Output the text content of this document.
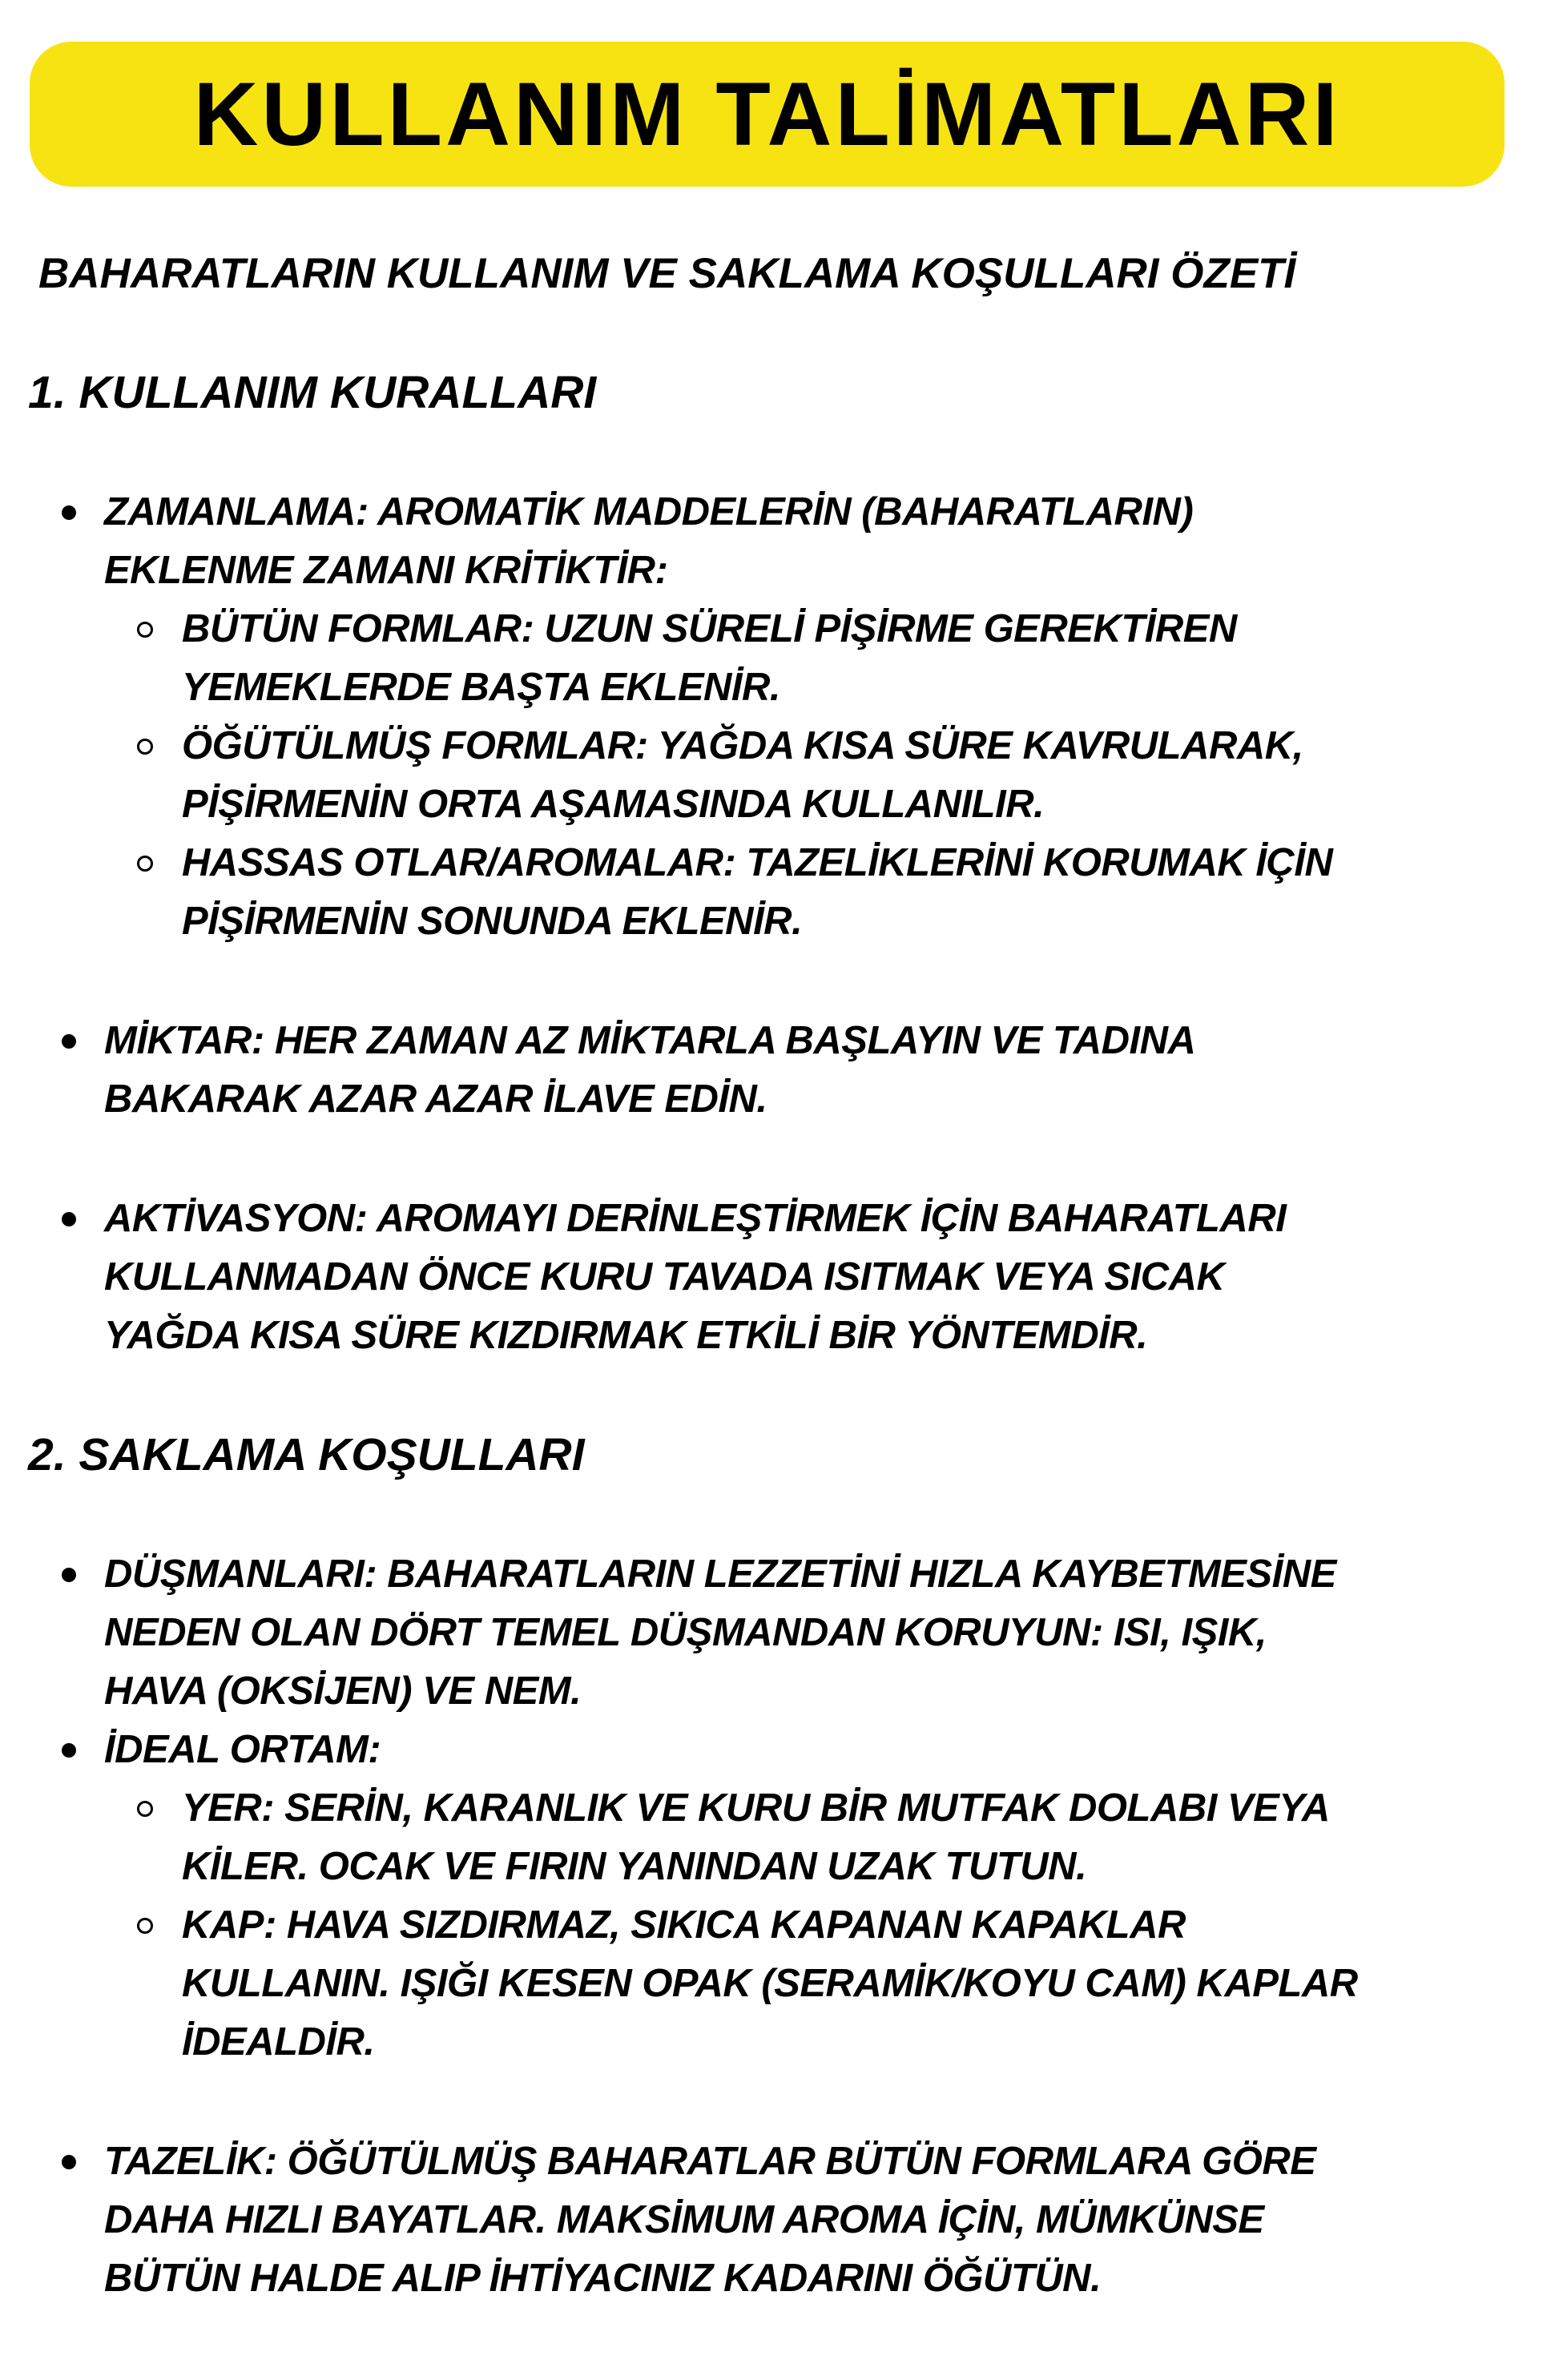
KULLANIM TALİMATLARI
BAHARATLARIN KULLANIM VE SAKLAMA KOŞULLARI ÖZETİ
1. KULLANIM KURALLARI
ZAMANLAMA: AROMATİK MADDELERİN (BAHARATLARIN)
EKLENME ZAMANI KRİTİKTİR:
BÜTÜN FORMLAR: UZUN SÜRELİ PİŞİRME GEREKTİREN
YEMEKLERDE BAŞTA EKLENİR.
ÖĞÜTÜLMÜŞ FORMLAR: YAĞDA KISA SÜRE KAVRULARAK,
PİŞİRMENİN ORTA AŞAMASINDA KULLANILIR.
HASSAS OTLAR/AROMALAR: TAZELİKLERİNİ KORUMAK İÇİN
PİŞİRMENİN SONUNDA EKLENİR.
MİKTAR: HER ZAMAN AZ MİKTARLA BAŞLAYIN VE TADINA
BAKARAK AZAR AZAR İLAVE EDİN.
AKTİVASYON: AROMAYI DERİNLEŞTİRMEK İÇİN BAHARATLARI
KULLANMADAN ÖNCE KURU TAVADA ISITMAK VEYA SICAK
YAĞDA KISA SÜRE KIZDIRMAK ETKİLİ BİR YÖNTEMDİR.
2. SAKLAMA KOŞULLARI
DÜŞMANLARI: BAHARATLARIN LEZZETİNİ HIZLA KAYBETMESİNE
NEDEN OLAN DÖRT TEMEL DÜŞMANDAN KORUYUN: ISI, IŞIK,
HAVA (OKSİJEN) VE NEM.
İDEAL ORTAM:
YER: SERİN, KARANLIK VE KURU BİR MUTFAK DOLABI VEYA
KİLER. OCAK VE FIRIN YANINDAN UZAK TUTUN.
KAP: HAVA SIZDIRMAZ, SIKICA KAPANAN KAPAKLAR
KULLANIN. IŞIĞI KESEN OPAK (SERAMİK/KOYU CAM) KAPLAR
İDEALDİR.
TAZELİK: ÖĞÜTÜLMÜŞ BAHARATLAR BÜTÜN FORMLARA GÖRE
DAHA HIZLI BAYATLAR. MAKSİMUM AROMA İÇİN, MÜMKÜNSE
BÜTÜN HALDE ALIP İHTİYACINIZ KADARINI ÖĞÜTÜN.
